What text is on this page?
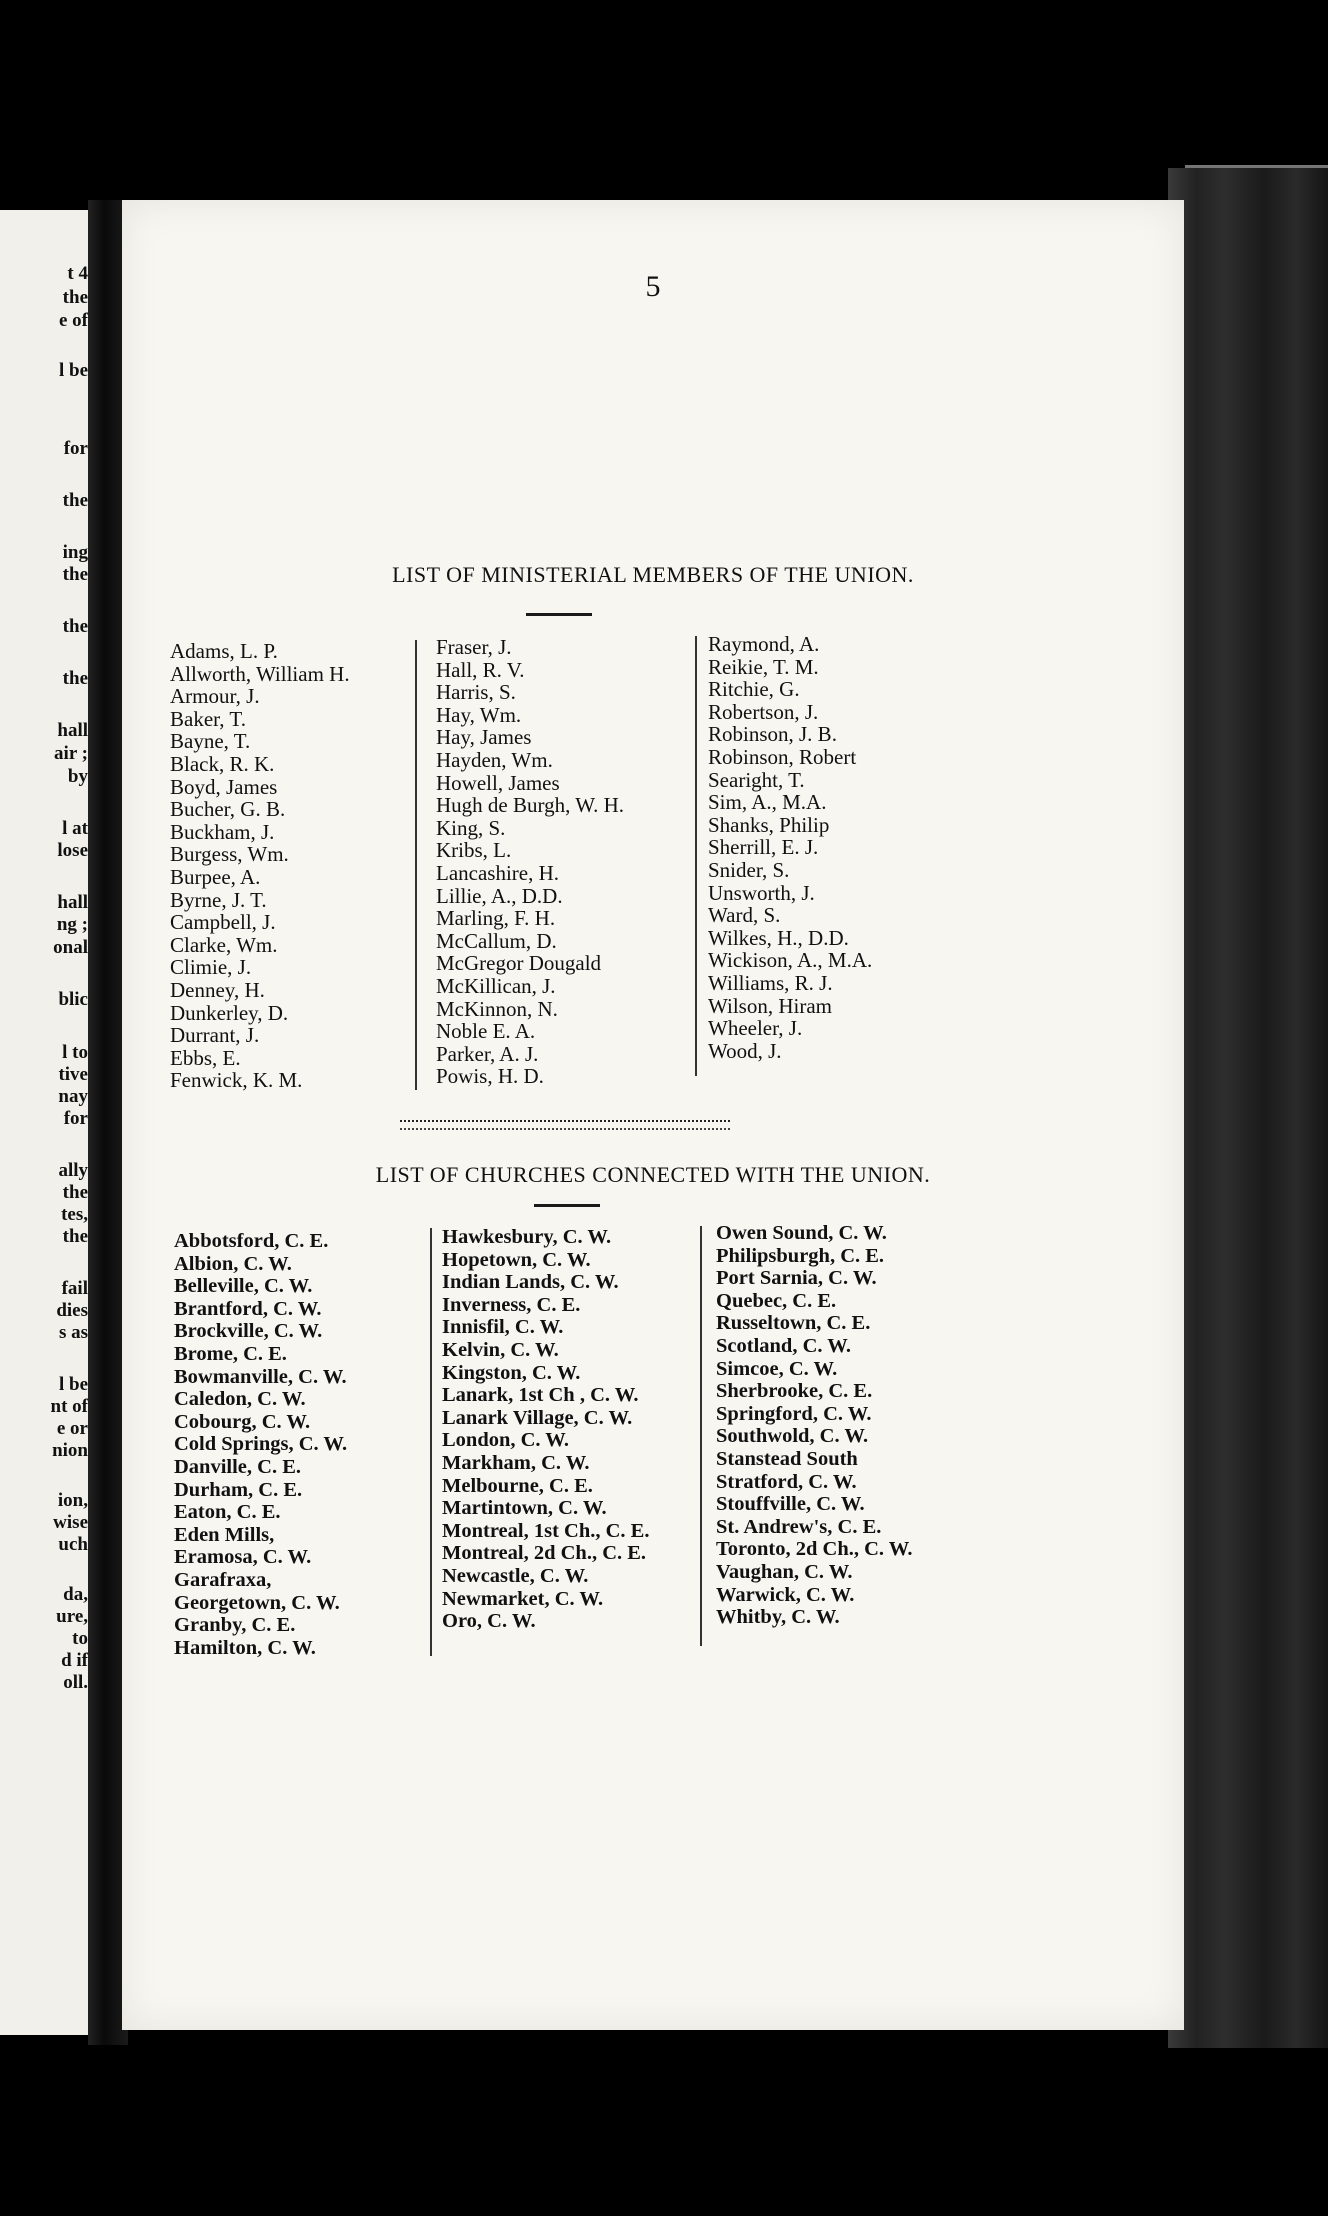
t 4
the
e of
l be
for
the
ing
the
the
the
hall
air ;
by
l at
lose
hall
ng ;
onal
blic
l to
tive
nay
for
ally
the
tes,
the
fail
dies
s as
l be
nt of
e or
nion
ion,
wise
uch
da,
ure,
to
d if
oll.
5
LIST OF MINISTERIAL MEMBERS OF THE UNION.
Adams, L. P.
Allworth, William H.
Armour, J.
Baker, T.
Bayne, T.
Black, R. K.
Boyd, James
Bucher, G. B.
Buckham, J.
Burgess, Wm.
Burpee, A.
Byrne, J. T.
Campbell, J.
Clarke, Wm.
Climie, J.
Denney, H.
Dunkerley, D.
Durrant, J.
Ebbs, E.
Fenwick, K. M.
Fraser, J.
Hall, R. V.
Harris, S.
Hay, Wm.
Hay, James
Hayden, Wm.
Howell, James
Hugh de Burgh, W. H.
King, S.
Kribs, L.
Lancashire, H.
Lillie, A., D.D.
Marling, F. H.
McCallum, D.
McGregor Dougald
McKillican, J.
McKinnon, N.
Noble E. A.
Parker, A. J.
Powis, H. D.
Raymond, A.
Reikie, T. M.
Ritchie, G.
Robertson, J.
Robinson, J. B.
Robinson, Robert
Searight, T.
Sim, A., M.A.
Shanks, Philip
Sherrill, E. J.
Snider, S.
Unsworth, J.
Ward, S.
Wilkes, H., D.D.
Wickison, A., M.A.
Williams, R. J.
Wilson, Hiram
Wheeler, J.
Wood, J.
LIST OF CHURCHES CONNECTED WITH THE UNION.
Abbotsford, C. E.
Albion, C. W.
Belleville, C. W.
Brantford, C. W.
Brockville, C. W.
Brome, C. E.
Bowmanville, C. W.
Caledon, C. W.
Cobourg, C. W.
Cold Springs, C. W.
Danville, C. E.
Durham, C. E.
Eaton, C. E.
Eden Mills,
Eramosa, C. W.
Garafraxa,
Georgetown, C. W.
Granby, C. E.
Hamilton, C. W.
Hawkesbury, C. W.
Hopetown, C. W.
Indian Lands, C. W.
Inverness, C. E.
Innisfil, C. W.
Kelvin, C. W.
Kingston, C. W.
Lanark, 1st Ch , C. W.
Lanark Village, C. W.
London, C. W.
Markham, C. W.
Melbourne, C. E.
Martintown, C. W.
Montreal, 1st Ch., C. E.
Montreal, 2d Ch., C. E.
Newcastle, C. W.
Newmarket, C. W.
Oro, C. W.
Owen Sound, C. W.
Philipsburgh, C. E.
Port Sarnia, C. W.
Quebec, C. E.
Russeltown, C. E.
Scotland, C. W.
Simcoe, C. W.
Sherbrooke, C. E.
Springford, C. W.
Southwold, C. W.
Stanstead South
Stratford, C. W.
Stouffville, C. W.
St. Andrew's, C. E.
Toronto, 2d Ch., C. W.
Vaughan, C. W.
Warwick, C. W.
Whitby, C. W.
